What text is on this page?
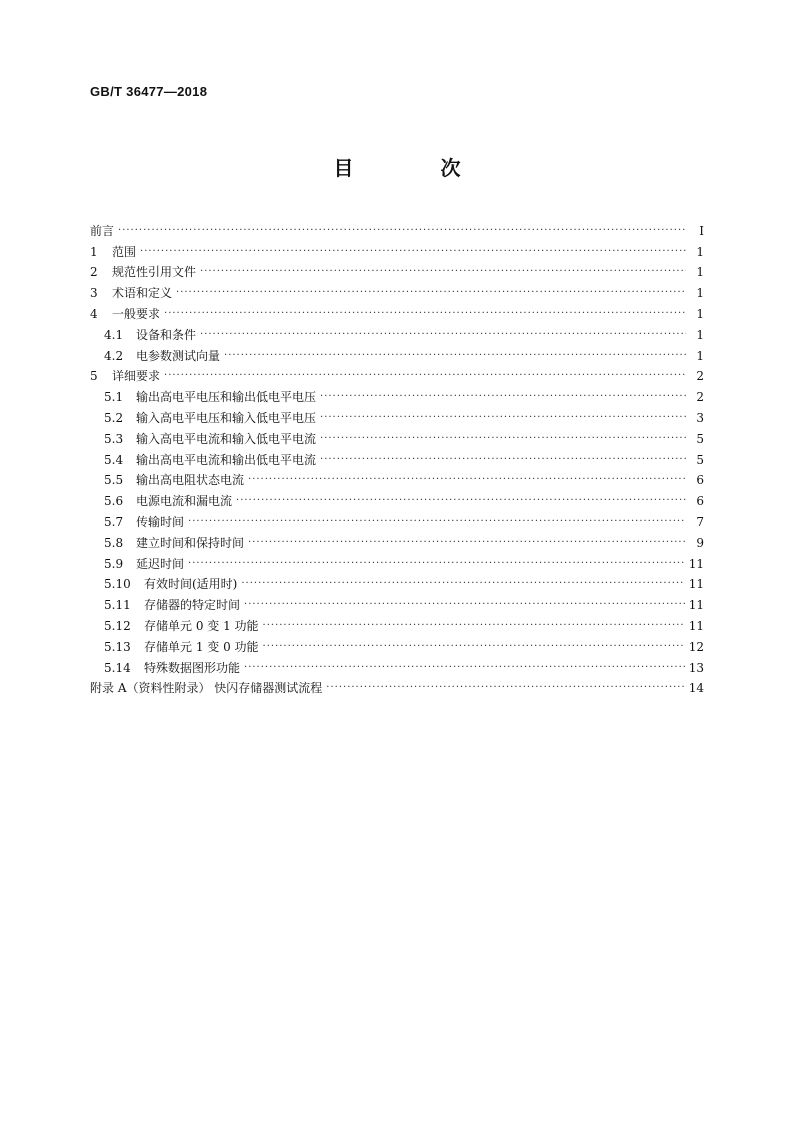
GB/T 36477—2018
目 次
前言 ·····	Ⅰ
1	范围 ·····	1
2	规范性引用文件 ·····	1
3	术语和定义 ·····	1
4	一般要求 ·····	1
4.1	设备和条件 ·····	1
4.2	电参数测试向量 ·····	1
5	详细要求 ·····	2
5.1	输出高电平电压和输出低电平电压 ·····	2
5.2	输入高电平电压和输入低电平电压 ·····	3
5.3	输入高电平电流和输入低电平电流 ·····	5
5.4	输出高电平电流和输出低电平电流 ·····	5
5.5	输出高电阻状态电流 ·····	6
5.6	电源电流和漏电流 ·····	6
5.7	传输时间 ·····	7
5.8	建立时间和保持时间 ·····	9
5.9	延迟时间 ·····	11
5.10	有效时间(适用时) ·····	11
5.11	存储器的特定时间 ·····	11
5.12	存储单元 0 变 1 功能 ·····	11
5.13	存储单元 1 变 0 功能 ·····	12
5.14	特殊数据图形功能 ·····	13
附录 A（资料性附录） 快闪存储器测试流程 ·····	14
